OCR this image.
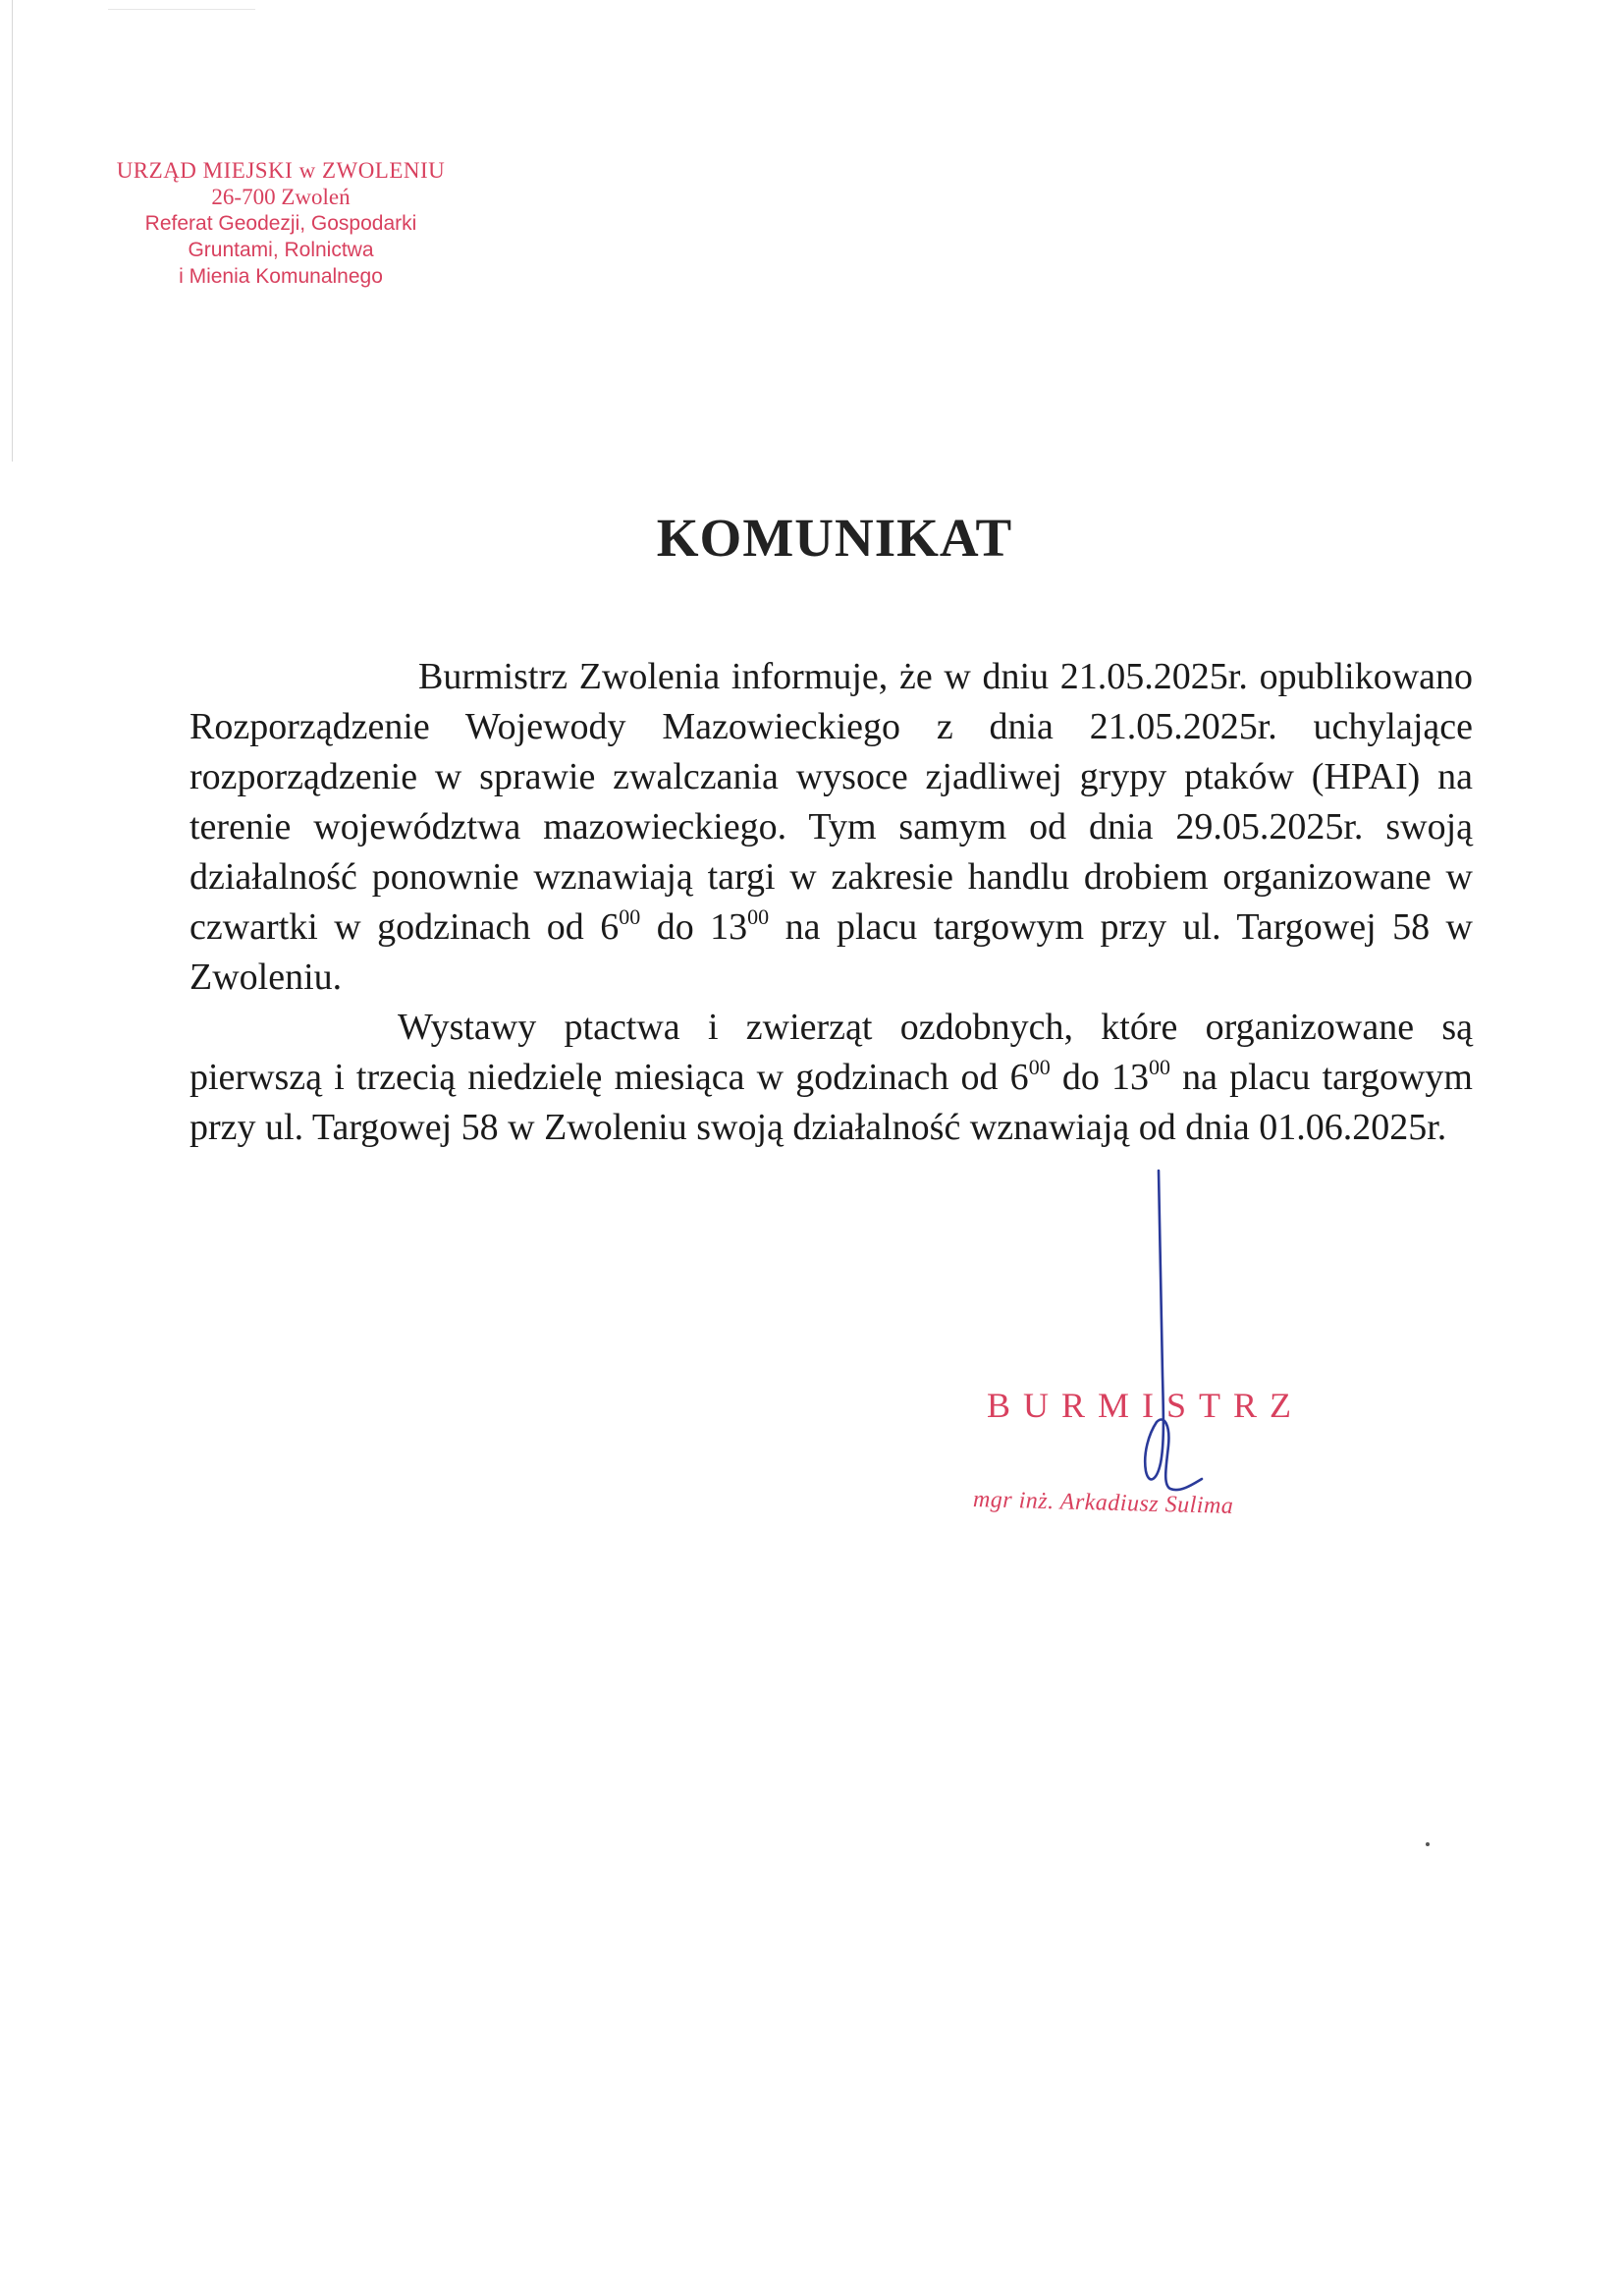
URZĄD MIEJSKI w ZWOLENIU
26-700 Zwoleń
Referat Geodezji, Gospodarki
Gruntami, Rolnictwa
i Mienia Komunalnego
KOMUNIKAT

Burmistrz Zwolenia informuje, że w dniu 21.05.2025r. opublikowano Rozporządzenie Wojewody Mazowieckiego z dnia 21.05.2025r. uchylające rozporządzenie w sprawie zwalczania wysoce zjadliwej grypy ptaków (HPAI) na terenie województwa mazowieckiego. Tym samym od dnia 29.05.2025r. swoją działalność ponownie wznawiają targi w zakresie handlu drobiem organizowane w czwartki w godzinach od $6^{00}$ do $13^{00}$ na placu targowym przy ul. Targowej 58 w Zwoleniu.

Wystawy ptactwa i zwierząt ozdobnych, które organizowane są pierwszą i trzecią niedzielę miesiąca w godzinach od $6^{00}$ do $13^{00}$ na placu targowym przy ul. Targowej 58 w Zwoleniu swoją działalność wznawiają od dnia 01.06.2025r.

BURMISTRZ
mgr inż. Arkadiusz Sulima
